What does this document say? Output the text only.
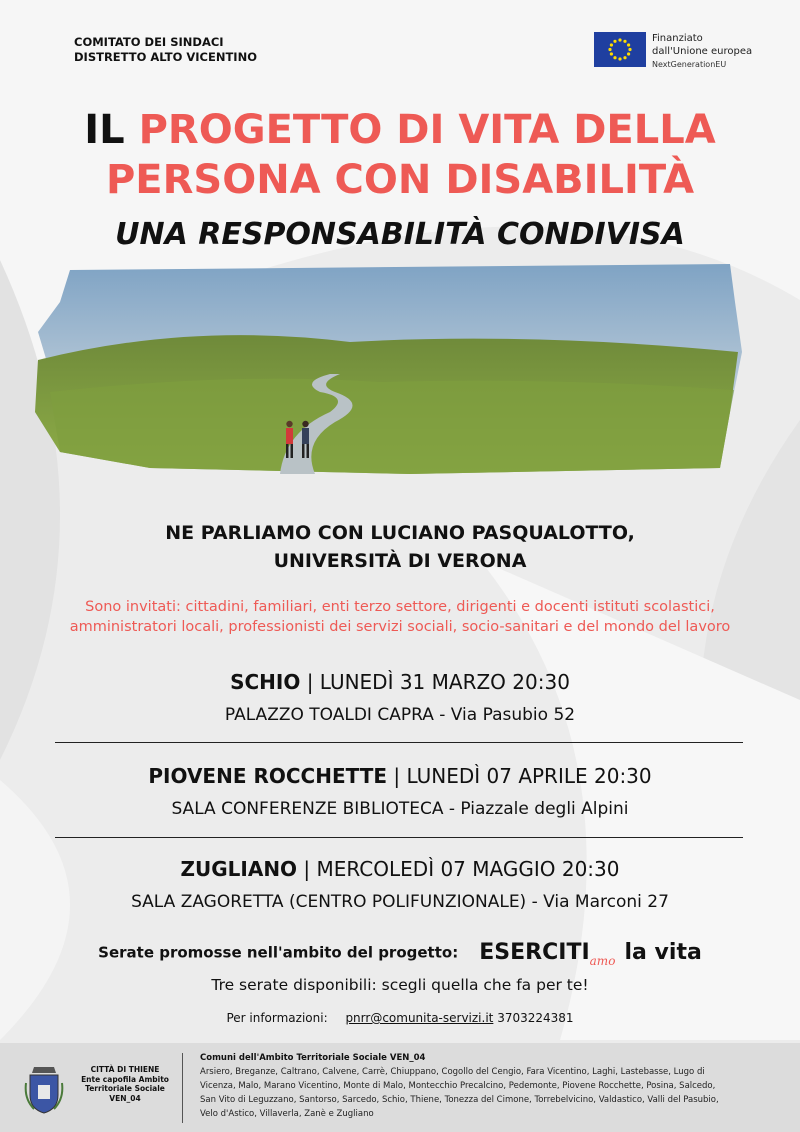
COMITATO DEI SINDACI
DISTRETTO ALTO VICENTINO
Finanziato
dall'Unione europea
NextGenerationEU
IL PROGETTO DI VITA DELLA
PERSONA CON DISABILITÀ
UNA RESPONSABILITÀ CONDIVISA
NE PARLIAMO CON LUCIANO PASQUALOTTO,
UNIVERSITÀ DI VERONA
Sono invitati: cittadini, familiari, enti terzo settore, dirigenti e docenti istituti scolastici,
amministratori locali, professionisti dei servizi sociali, socio-sanitari e del mondo del lavoro
SCHIO | LUNEDÌ 31 MARZO 20:30
PALAZZO TOALDI CAPRA - Via Pasubio 52
PIOVENE ROCCHETTE | LUNEDÌ 07 APRILE 20:30
SALA CONFERENZE BIBLIOTECA - Piazzale degli Alpini
ZUGLIANO | MERCOLEDÌ 07 MAGGIO 20:30
SALA ZAGORETTA (CENTRO POLIFUNZIONALE) - Via Marconi 27
Serate promosse nell'ambito del progetto: $ESERCITI_{amo}$ la vita
Tre serate disponibili: scegli quella che fa per te!
Per informazioni: pnrr@comunita-servizi.it 3703224381
CITTÀ DI THIENE
Ente capofila Ambito
Territoriale Sociale
VEN_04
Comuni dell'Ambito Territoriale Sociale VEN_04
Arsiero, Breganze, Caltrano, Calvene, Carrè, Chiuppano, Cogollo del Cengio, Fara Vicentino, Laghi, Lastebasse, Lugo di
Vicenza, Malo, Marano Vicentino, Monte di Malo, Montecchio Precalcino, Pedemonte, Piovene Rocchette, Posina, Salcedo,
San Vito di Leguzzano, Santorso, Sarcedo, Schio, Thiene, Tonezza del Cimone, Torrebelvicino, Valdastico, Valli del Pasubio,
Velo d'Astico, Villaverla, Zanè e Zugliano
